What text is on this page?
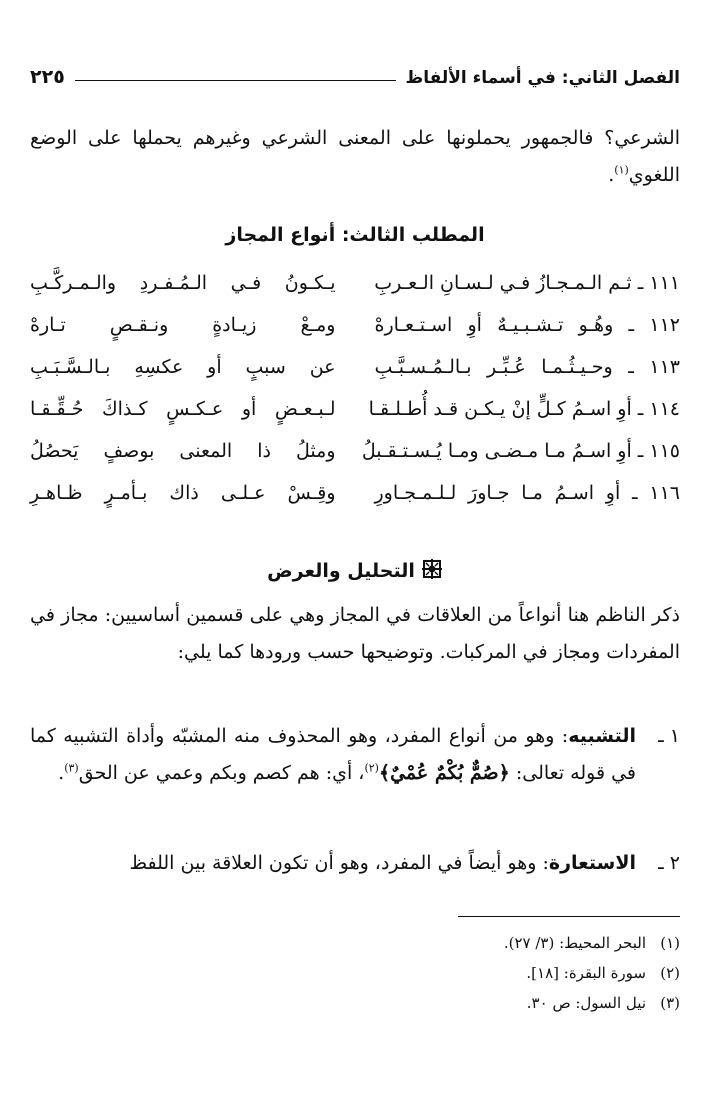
الفصل الثاني: في أسماء الألفاظ
٢٢٥
الشرعي؟ فالجمهور يحملونها على المعنى الشرعي وغيرهم يحملها على الوضع اللغوي$^{(١)}$.
المطلب الثالث: أنواع المجاز
١١١ ـ ثـم الـمـجـازُ فـي لـسـانِ الـعـربِ
يـكـونُ فـي الـمُـفـردِ والـمـركَّـبِ
١١٢ ـ وهُـو تـشـبـيـهٌ أوِ اسـتـعـارهْ
ومـعْ زيـادةٍ ونـقـصٍ تـارهْ
١١٣ ـ وحـيـثُـمـا عُـبِّـر بـالـمُـسـبَّـبِ
عن سببٍ أو عكسِهِ بـالـسَّـبَـبِ
١١٤ ـ أوِ اسـمُ كـلٍّ إنْ يـكـن قـد أُطـلـقـا
لـبـعـضٍ أو عـكـسٍ كـذاكَ حُـقِّـقـا
١١٥ ـ أوِ اسـمُ مـا مـضـى ومـا يُـسـتـقـبلُ
ومثلُ ذا المعنى بوصفٍ يَحصُلُ
١١٦ ـ أوِ اسـمُ مـا جـاورَ لـلـمـجـاورِ
وقِـسْ عـلـى ذاك بـأمـرٍ ظـاهـرِ
التحليل والعرض
ذكر الناظم هنا أنواعاً من العلاقات في المجاز وهي على قسمين أساسيين: مجاز في المفردات ومجاز في المركبات. وتوضيحها حسب ورودها كما يلي:
١ ـ
التشبيه: وهو من أنواع المفرد، وهو المحذوف منه المشبّه وأداة التشبيه كما في قوله تعالى: ﴿صُمٌّ بُكْمٌ عُمْيٌ﴾$^{(٢)}$، أي: هم كصم وبكم وعمي عن الحق$^{(٣)}$.
٢ ـ
الاستعارة: وهو أيضاً في المفرد، وهو أن تكون العلاقة بين اللفظ
(١)البحر المحيط: (٣/ ٢٧).
(٢)سورة البقرة: [١٨].
(٣)نيل السول: ص ٣٠.
